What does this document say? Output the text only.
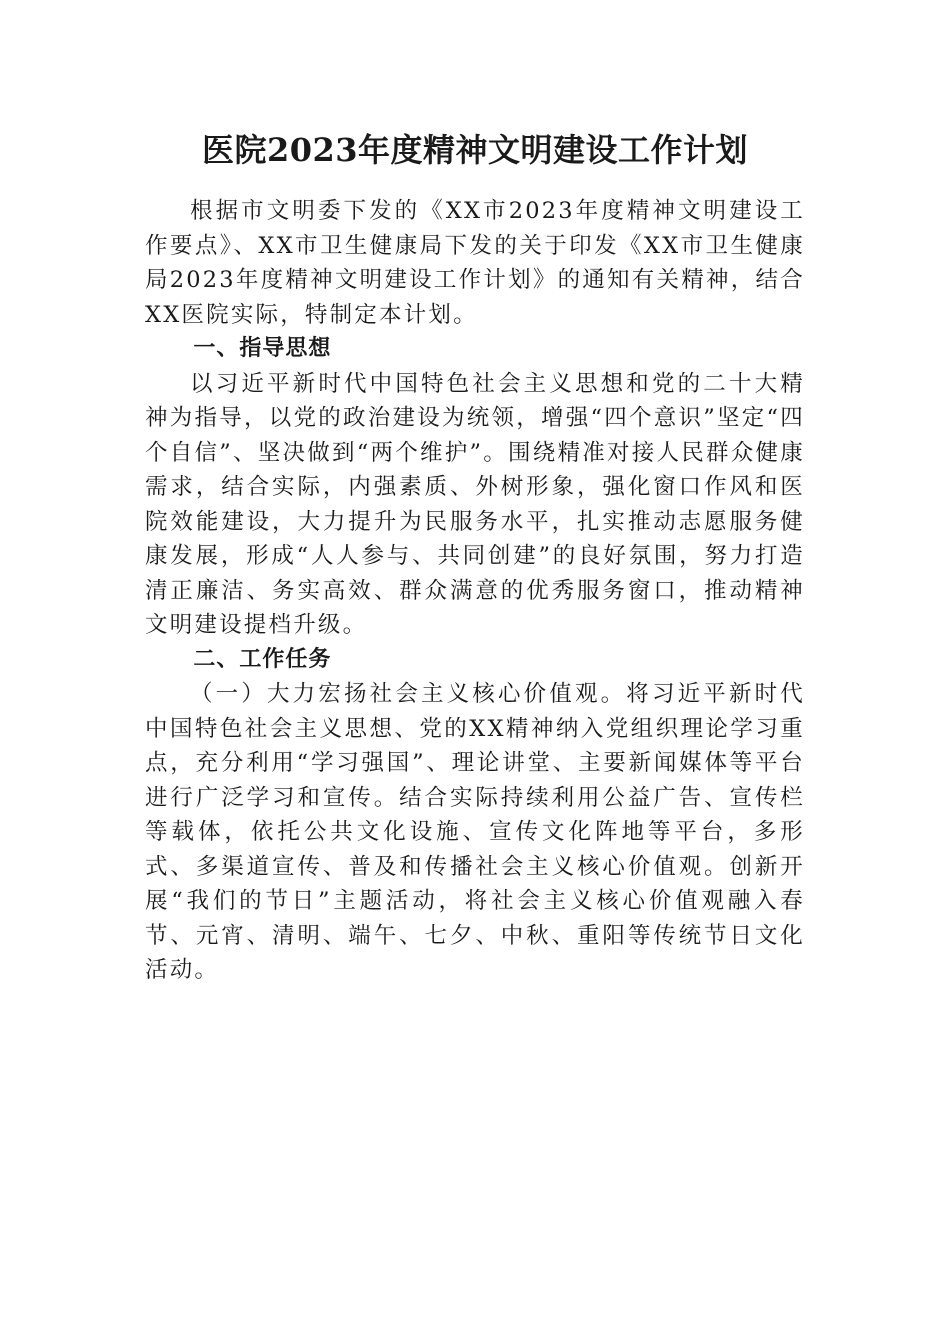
医院2023年度精神文明建设工作计划

根据市文明委下发的《XX市2023年度精神文明建设工作要点》、XX市卫生健康局下发的关于印发《XX市卫生健康局2023年度精神文明建设工作计划》的通知有关精神，结合XX医院实际，特制定本计划。

一、指导思想

以习近平新时代中国特色社会主义思想和党的二十大精神为指导，以党的政治建设为统领，增强“四个意识”坚定“四个自信”、坚决做到“两个维护”。围绕精准对接人民群众健康需求，结合实际，内强素质、外树形象，强化窗口作风和医院效能建设，大力提升为民服务水平，扎实推动志愿服务健康发展，形成“人人参与、共同创建”的良好氛围，努力打造清正廉洁、务实高效、群众满意的优秀服务窗口，推动精神文明建设提档升级。

二、工作任务

（一）大力宏扬社会主义核心价值观。将习近平新时代中国特色社会主义思想、党的XX精神纳入党组织理论学习重点，充分利用“学习强国”、理论讲堂、主要新闻媒体等平台进行广泛学习和宣传。结合实际持续利用公益广告、宣传栏等载体，依托公共文化设施、宣传文化阵地等平台，多形式、多渠道宣传、普及和传播社会主义核心价值观。创新开展“我们的节日”主题活动，将社会主义核心价值观融入春节、元宵、清明、端午、七夕、中秋、重阳等传统节日文化活动。
